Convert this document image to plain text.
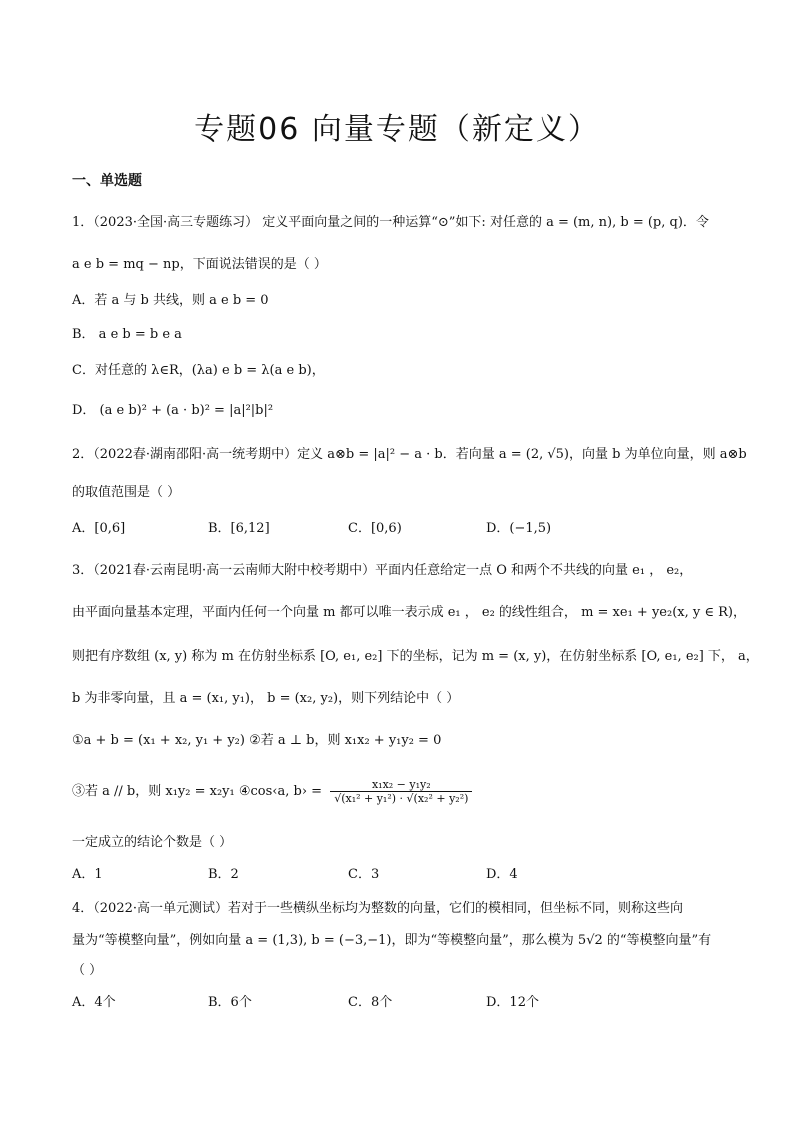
专题06 向量专题（新定义）
一、单选题
1．（2023·全国·高三专题练习） 定义平面向量之间的一种运算“⊙”如下: 对任意的 a = (m, n), b = (p, q)．令
a e b = mq − np，下面说法错误的是（ ）
A．若 a 与 b 共线，则 a e b = 0
B． a e b = b e a
C．对任意的 λ∈R，(λa) e b = λ(a e b)，
D． (a e b)² + (a · b)² = |a|²|b|²
2．（2022春·湖南邵阳·高一统考期中）定义 a⊗b = |a|² − a · b．若向量 a = (2, √5)，向量 b 为单位向量，则 a⊗b
的取值范围是（ ）
A．[0,6]	B．[6,12]	C．[0,6)	D．(−1,5)
3．（2021春·云南昆明·高一云南师大附中校考期中）平面内任意给定一点 O 和两个不共线的向量 e₁ ， e₂，
由平面向量基本定理，平面内任何一个向量 m 都可以唯一表示成 e₁ ， e₂ 的线性组合， m = xe₁ + ye₂(x, y ∈ R)，
则把有序数组 (x, y) 称为 m 在仿射坐标系 [O, e₁, e₂] 下的坐标，记为 m = (x, y)，在仿射坐标系 [O, e₁, e₂] 下， a，
b 为非零向量，且 a = (x₁, y₁)， b = (x₂, y₂)，则下列结论中（ ）
①a + b = (x₁ + x₂, y₁ + y₂) ②若 a ⊥ b，则 x₁x₂ + y₁y₂ = 0
③若 a // b，则 x₁y₂ = x₂y₁ ④cos‹a, b› = $\frac{\text{x₁x₂ − y₁y₂}}{\text{√(x₁² + y₁²) · √(x₂² + y₂²)}}$
一定成立的结论个数是（ ）
A．1	B．2	C．3	D．4
4．（2022·高一单元测试）若对于一些横纵坐标均为整数的向量，它们的模相同，但坐标不同，则称这些向
量为“等模整向量”，例如向量 a = (1,3), b = (−3,−1)，即为“等模整向量”，那么模为 5√2 的“等模整向量”有
（ ）
A．4个	B．6个	C．8个	D．12个
